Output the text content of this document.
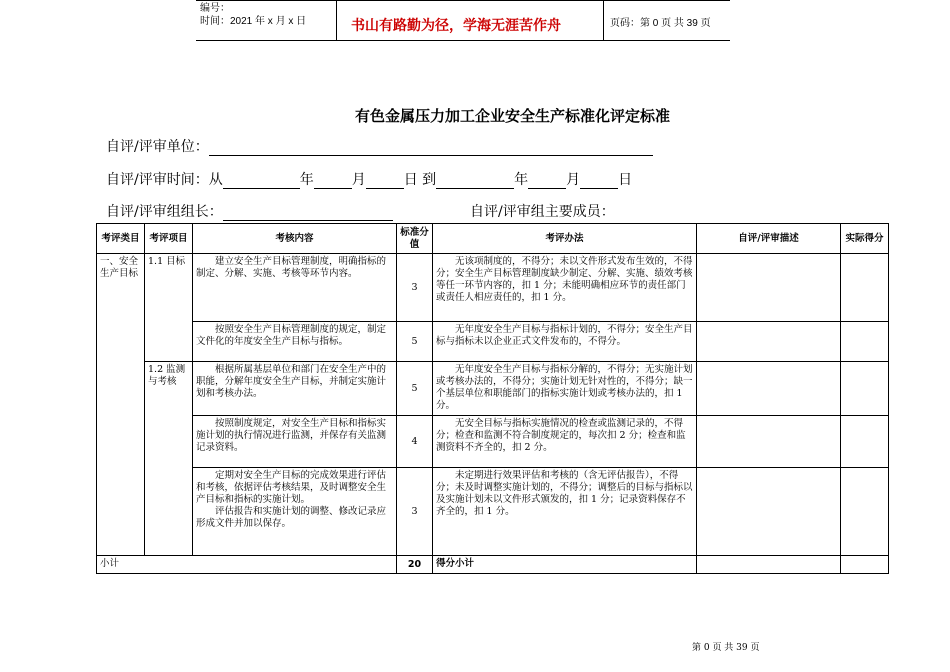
编号：
时间：2021 年 x 月 x 日	书山有路勤为径，学海无涯苦作舟	页码：第 0 页 共 39 页
有色金属压力加工企业安全生产标准化评定标准
自评/评审单位：
自评/评审时间：从	年	月	日 到	年	月	日
自评/评审组组长：	自评/评审组主要成员：
考评类目	考评项目	考核内容	标准分值	考评办法	自评/评审描述	实际得分
一、安全生产目标	1.1 目标	建立安全生产目标管理制度，明确指标的制定、分解、实施、考核等环节内容。	3	无该项制度的，不得分；未以文件形式发布生效的，不得分；安全生产目标管理制度缺少制定、分解、实施、绩效考核等任一环节内容的，扣 1 分；未能明确相应环节的责任部门或责任人相应责任的，扣 1 分。		
		按照安全生产目标管理制度的规定，制定文件化的年度安全生产目标与指标。	5	无年度安全生产目标与指标计划的，不得分；安全生产目标与指标未以企业正式文件发布的，不得分。		
	1.2 监测与考核	根据所属基层单位和部门在安全生产中的职能，分解年度安全生产目标，并制定实施计划和考核办法。	5	无年度安全生产目标与指标分解的，不得分；无实施计划或考核办法的，不得分；实施计划无针对性的，不得分；缺一个基层单位和职能部门的指标实施计划或考核办法的，扣 1 分。		
		按照制度规定，对安全生产目标和指标实施计划的执行情况进行监测，并保存有关监测记录资料。	4	无安全目标与指标实施情况的检查或监测记录的，不得分；检查和监测不符合制度规定的，每次扣 2 分；检查和监测资料不齐全的，扣 2 分。		

		定期对安全生产目标的完成效果进行评估和考核，依据评估考核结果，及时调整安全生产目标和指标的实施计划。
评估报告和实施计划的调整、修改记录应形成文件并加以保存。	3	未定期进行效果评估和考核的（含无评估报告），不得分；未及时调整实施计划的，不得分；调整后的目标与指标以及实施计划未以文件形式颁发的，扣 1 分；记录资料保存不齐全的，扣 1 分。		
小计			20	得分小计		
第 0 页 共 39 页
